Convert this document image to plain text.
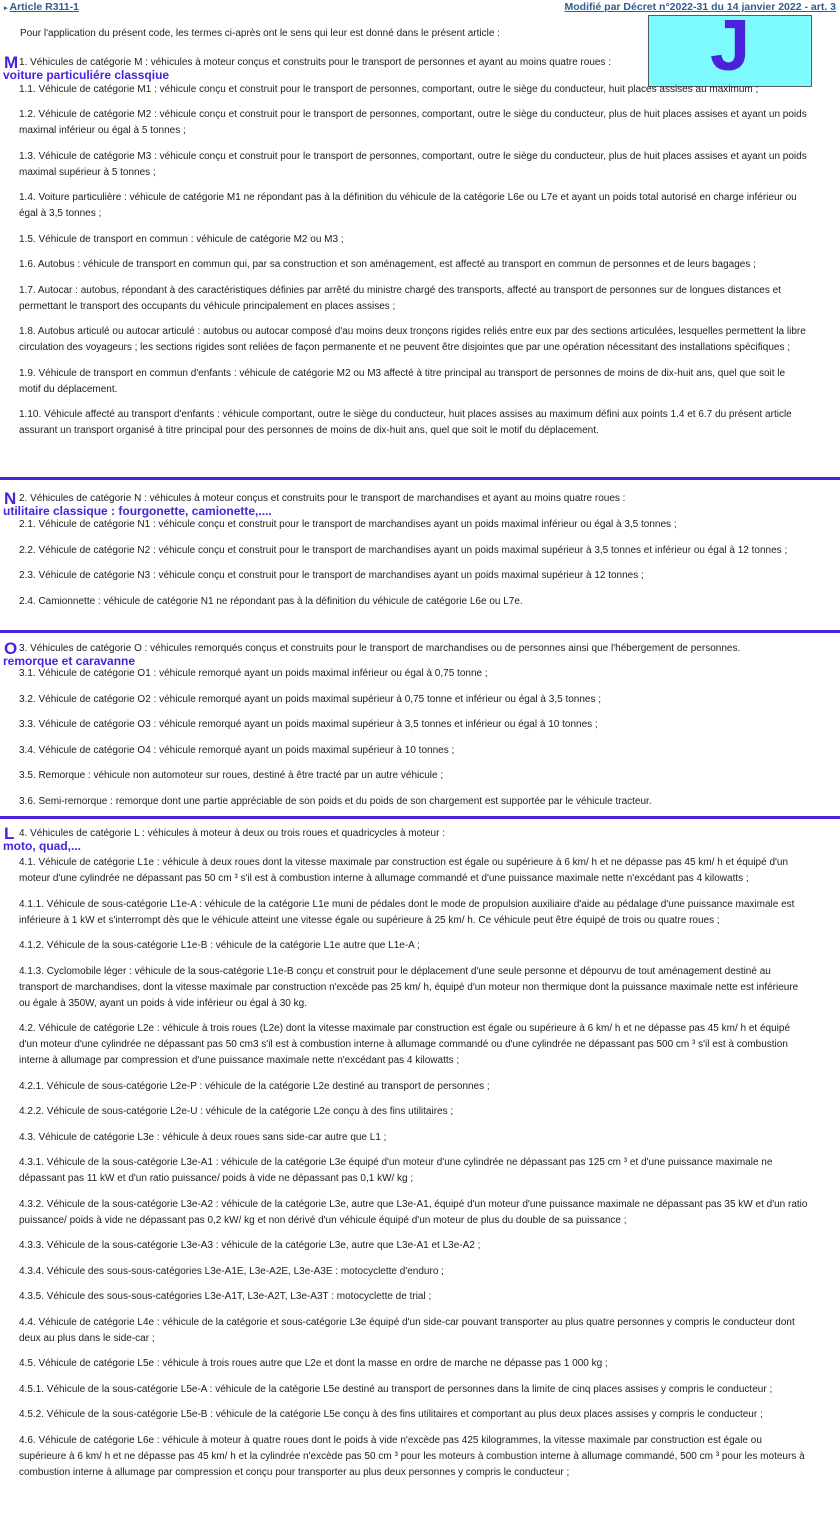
▸ Article R311-1	Modifié par Décret n°2022-31 du 14 janvier 2022 - art. 3
Pour l'application du présent code, les termes ci-après ont le sens qui leur est donné dans le présent article :	J
M 1. Véhicules de catégorie M : véhicules à moteur conçus et construits pour le transport de personnes et ayant au moins quatre roues :
voiture particuliére classqiue

1.1. Véhicule de catégorie M1 : véhicule conçu et construit pour le transport de personnes, comportant, outre le siège du conducteur, huit places assises au maximum ;

1.2. Véhicule de catégorie M2 : véhicule conçu et construit pour le transport de personnes, comportant, outre le siège du conducteur, plus de huit places assises et ayant un poids maximal inférieur ou égal à 5 tonnes ;

1.3. Véhicule de catégorie M3 : véhicule conçu et construit pour le transport de personnes, comportant, outre le siège du conducteur, plus de huit places assises et ayant un poids maximal supérieur à 5 tonnes ;

1.4. Voiture particulière : véhicule de catégorie M1 ne répondant pas à la définition du véhicule de la catégorie L6e ou L7e et ayant un poids total autorisé en charge inférieur ou égal à 3,5 tonnes ;

1.5. Véhicule de transport en commun : véhicule de catégorie M2 ou M3 ;

1.6. Autobus : véhicule de transport en commun qui, par sa construction et son aménagement, est affecté au transport en commun de personnes et de leurs bagages ;

1.7. Autocar : autobus, répondant à des caractéristiques définies par arrêté du ministre chargé des transports, affecté au transport de personnes sur de longues distances et permettant le transport des occupants du véhicule principalement en places assises ;

1.8. Autobus articulé ou autocar articulé : autobus ou autocar composé d'au moins deux tronçons rigides reliés entre eux par des sections articulées, lesquelles permettent la libre circulation des voyageurs ; les sections rigides sont reliées de façon permanente et ne peuvent être disjointes que par une opération nécessitant des installations spécifiques ;

1.9. Véhicule de transport en commun d'enfants : véhicule de catégorie M2 ou M3 affecté à titre principal au transport de personnes de moins de dix-huit ans, quel que soit le motif du déplacement.

1.10. Véhicule affecté au transport d'enfants : véhicule comportant, outre le siège du conducteur, huit places assises au maximum défini aux points 1.4 et 6.7 du présent article assurant un transport organisé à titre principal pour des personnes de moins de dix-huit ans, quel que soit le motif du déplacement.

N 2. Véhicules de catégorie N : véhicules à moteur conçus et construits pour le transport de marchandises et ayant au moins quatre roues :
utilitaire classique : fourgonette, camionette,....

2.1. Véhicule de catégorie N1 : véhicule conçu et construit pour le transport de marchandises ayant un poids maximal inférieur ou égal à 3,5 tonnes ;

2.2. Véhicule de catégorie N2 : véhicule conçu et construit pour le transport de marchandises ayant un poids maximal supérieur à 3,5 tonnes et inférieur ou égal à 12 tonnes ;

2.3. Véhicule de catégorie N3 : véhicule conçu et construit pour le transport de marchandises ayant un poids maximal supérieur à 12 tonnes ;

2.4. Camionnette : véhicule de catégorie N1 ne répondant pas à la définition du véhicule de catégorie L6e ou L7e.

O 3. Véhicules de catégorie O : véhicules remorqués conçus et construits pour le transport de marchandises ou de personnes ainsi que l'hébergement de personnes.
remorque et caravanne

3.1. Véhicule de catégorie O1 : véhicule remorqué ayant un poids maximal inférieur ou égal à 0,75 tonne ;

3.2. Véhicule de catégorie O2 : véhicule remorqué ayant un poids maximal supérieur à 0,75 tonne et inférieur ou égal à 3,5 tonnes ;

3.3. Véhicule de catégorie O3 : véhicule remorqué ayant un poids maximal supérieur à 3,5 tonnes et inférieur ou égal à 10 tonnes ;

3.4. Véhicule de catégorie O4 : véhicule remorqué ayant un poids maximal supérieur à 10 tonnes ;

3.5. Remorque : véhicule non automoteur sur roues, destiné à être tracté par un autre véhicule ;

3.6. Semi-remorque : remorque dont une partie appréciable de son poids et du poids de son chargement est supportée par le véhicule tracteur.

L 4. Véhicules de catégorie L : véhicules à moteur à deux ou trois roues et quadricycles à moteur :
moto, quad,...

4.1. Véhicule de catégorie L1e : véhicule à deux roues dont la vitesse maximale par construction est égale ou supérieure à 6 km/ h et ne dépasse pas 45 km/ h et équipé d'un moteur d'une cylindrée ne dépassant pas 50 cm ³ s'il est à combustion interne à allumage commandé et d'une puissance maximale nette n'excédant pas 4 kilowatts ;

4.1.1. Véhicule de sous-catégorie L1e-A : véhicule de la catégorie L1e muni de pédales dont le mode de propulsion auxiliaire d'aide au pédalage d'une puissance maximale est inférieure à 1 kW et s'interrompt dès que le véhicule atteint une vitesse égale ou supérieure à 25 km/ h. Ce véhicule peut être équipé de trois ou quatre roues ;

4.1.2. Véhicule de la sous-catégorie L1e-B : véhicule de la catégorie L1e autre que L1e-A ;

4.1.3. Cyclomobile léger : véhicule de la sous-catégorie L1e-B conçu et construit pour le déplacement d'une seule personne et dépourvu de tout aménagement destiné au transport de marchandises, dont la vitesse maximale par construction n'excède pas 25 km/ h, équipé d'un moteur non thermique dont la puissance maximale nette est inférieure ou égale à 350W, ayant un poids à vide inférieur ou égal à 30 kg.

4.2. Véhicule de catégorie L2e : véhicule à trois roues (L2e) dont la vitesse maximale par construction est égale ou supérieure à 6 km/ h et ne dépasse pas 45 km/ h et équipé d'un moteur d'une cylindrée ne dépassant pas 50 cm3 s'il est à combustion interne à allumage commandé ou d'une cylindrée ne dépassant pas 500 cm ³ s'il est à combustion interne à allumage par compression et d'une puissance maximale nette n'excédant pas 4 kilowatts ;

4.2.1. Véhicule de sous-catégorie L2e-P : véhicule de la catégorie L2e destiné au transport de personnes ;

4.2.2. Véhicule de sous-catégorie L2e-U : véhicule de la catégorie L2e conçu à des fins utilitaires ;

4.3. Véhicule de catégorie L3e : véhicule à deux roues sans side-car autre que L1 ;

4.3.1. Véhicule de la sous-catégorie L3e-A1 : véhicule de la catégorie L3e équipé d'un moteur d'une cylindrée ne dépassant pas 125 cm ³ et d'une puissance maximale ne dépassant pas 11 kW et d'un ratio puissance/ poids à vide ne dépassant pas 0,1 kW/ kg ;

4.3.2. Véhicule de la sous-catégorie L3e-A2 : véhicule de la catégorie L3e, autre que L3e-A1, équipé d'un moteur d'une puissance maximale ne dépassant pas 35 kW et d'un ratio puissance/ poids à vide ne dépassant pas 0,2 kW/ kg et non dérivé d'un véhicule équipé d'un moteur de plus du double de sa puissance ;

4.3.3. Véhicule de la sous-catégorie L3e-A3 : véhicule de la catégorie L3e, autre que L3e-A1 et L3e-A2 ;

4.3.4. Véhicule des sous-sous-catégories L3e-A1E, L3e-A2E, L3e-A3E : motocyclette d'enduro ;

4.3.5. Véhicule des sous-sous-catégories L3e-A1T, L3e-A2T, L3e-A3T : motocyclette de trial ;

4.4. Véhicule de catégorie L4e : véhicule de la catégorie et sous-catégorie L3e équipé d'un side-car pouvant transporter au plus quatre personnes y compris le conducteur dont deux au plus dans le side-car ;

4.5. Véhicule de catégorie L5e : véhicule à trois roues autre que L2e et dont la masse en ordre de marche ne dépasse pas 1 000 kg ;

4.5.1. Véhicule de la sous-catégorie L5e-A : véhicule de la catégorie L5e destiné au transport de personnes dans la limite de cinq places assises y compris le conducteur ;

4.5.2. Véhicule de la sous-catégorie L5e-B : véhicule de la catégorie L5e conçu à des fins utilitaires et comportant au plus deux places assises y compris le conducteur ;

4.6. Véhicule de catégorie L6e : véhicule à moteur à quatre roues dont le poids à vide n'excède pas 425 kilogrammes, la vitesse maximale par construction est égale ou supérieure à 6 km/ h et ne dépasse pas 45 km/ h et la cylindrée n'excède pas 50 cm ³ pour les moteurs à combustion interne à allumage commandé, 500 cm ³ pour les moteurs à combustion interne à allumage par compression et conçu pour transporter au plus deux personnes y compris le conducteur ;
